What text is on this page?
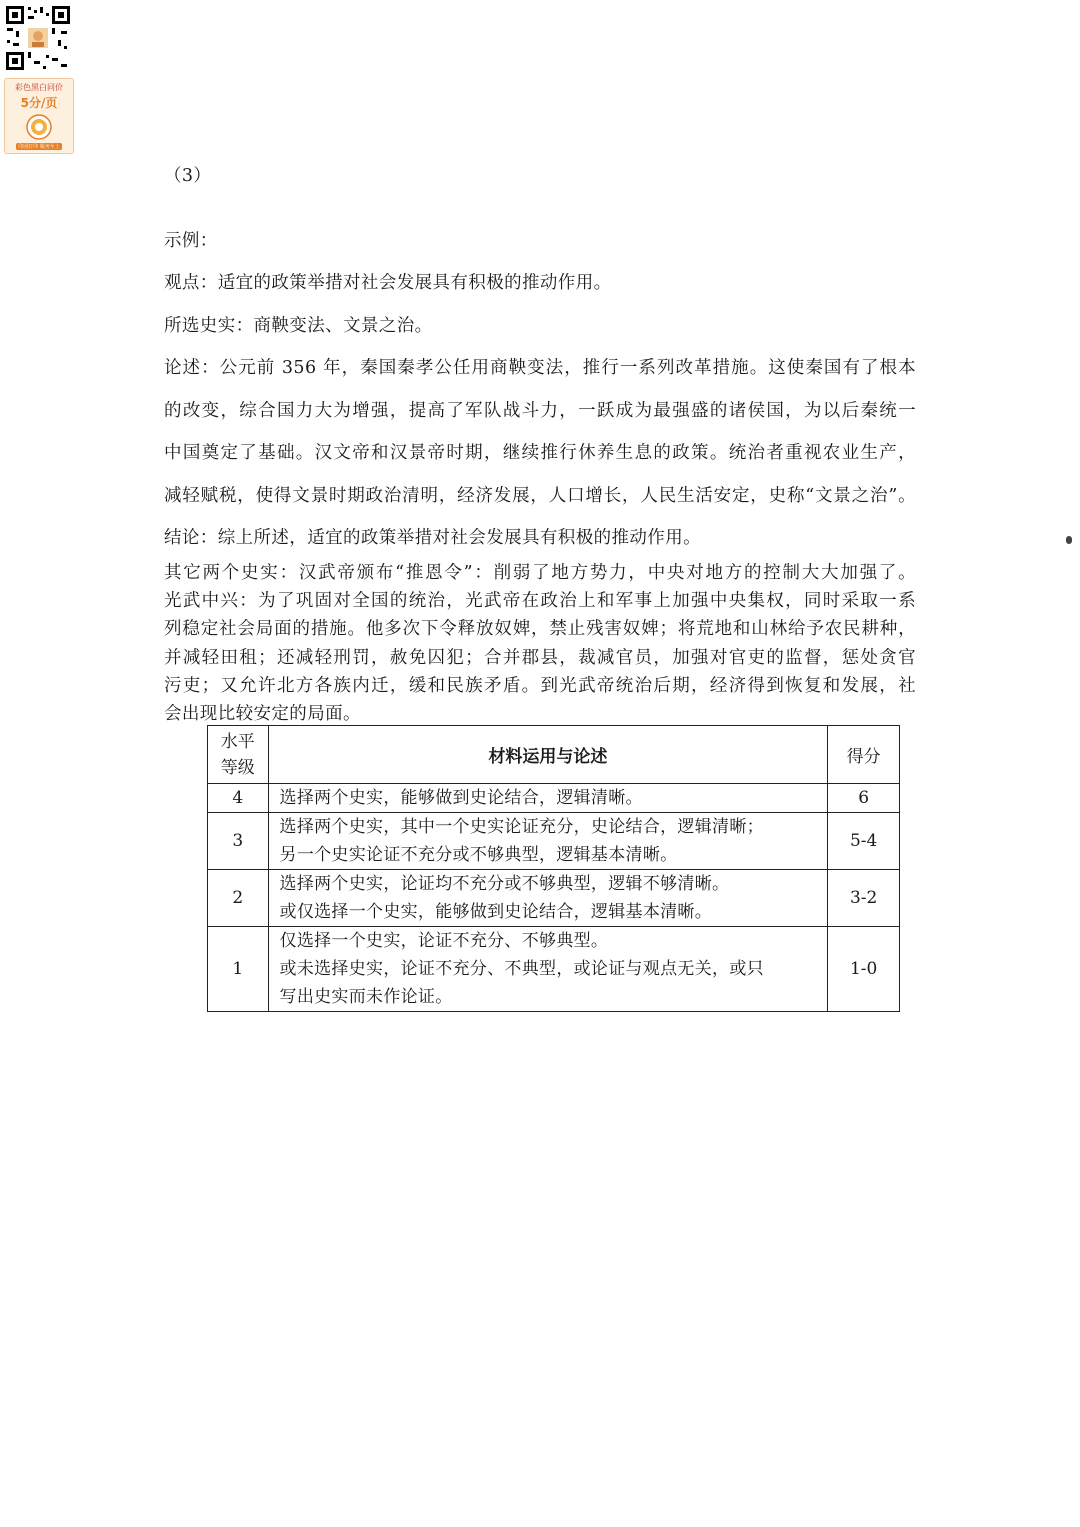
彩色黑白同价
5分/页
印团打印 服务至上
（3）
示例：
观点：适宜的政策举措对社会发展具有积极的推动作用。
所选史实：商鞅变法、文景之治。
论述：公元前 356 年，秦国秦孝公任用商鞅变法，推行一系列改革措施。这使秦国有了根本
的改变，综合国力大为增强，提高了军队战斗力，一跃成为最强盛的诸侯国，为以后秦统一
中国奠定了基础。汉文帝和汉景帝时期，继续推行休养生息的政策。统治者重视农业生产，
减轻赋税，使得文景时期政治清明，经济发展，人口增长，人民生活安定，史称“文景之治”。
结论：综上所述，适宜的政策举措对社会发展具有积极的推动作用。
其它两个史实：汉武帝颁布“推恩令”：削弱了地方势力，中央对地方的控制大大加强了。
光武中兴：为了巩固对全国的统治，光武帝在政治上和军事上加强中央集权，同时采取一系
列稳定社会局面的措施。他多次下令释放奴婢，禁止残害奴婢；将荒地和山林给予农民耕种，
并减轻田租；还减轻刑罚，赦免囚犯；合并郡县，裁减官员，加强对官吏的监督，惩处贪官
污吏；又允许北方各族内迁，缓和民族矛盾。到光武帝统治后期，经济得到恢复和发展，社
会出现比较安定的局面。
水平
等级	材料运用与论述	得分
4	选择两个史实，能够做到史论结合，逻辑清晰。	6
3	选择两个史实，其中一个史实论证充分，史论结合，逻辑清晰；
另一个史实论证不充分或不够典型，逻辑基本清晰。	5-4
2	选择两个史实，论证均不充分或不够典型，逻辑不够清晰。
或仅选择一个史实，能够做到史论结合，逻辑基本清晰。	3-2
1	仅选择一个史实，论证不充分、不够典型。
或未选择史实，论证不充分、不典型，或论证与观点无关，或只
写出史实而未作论证。	1-0
